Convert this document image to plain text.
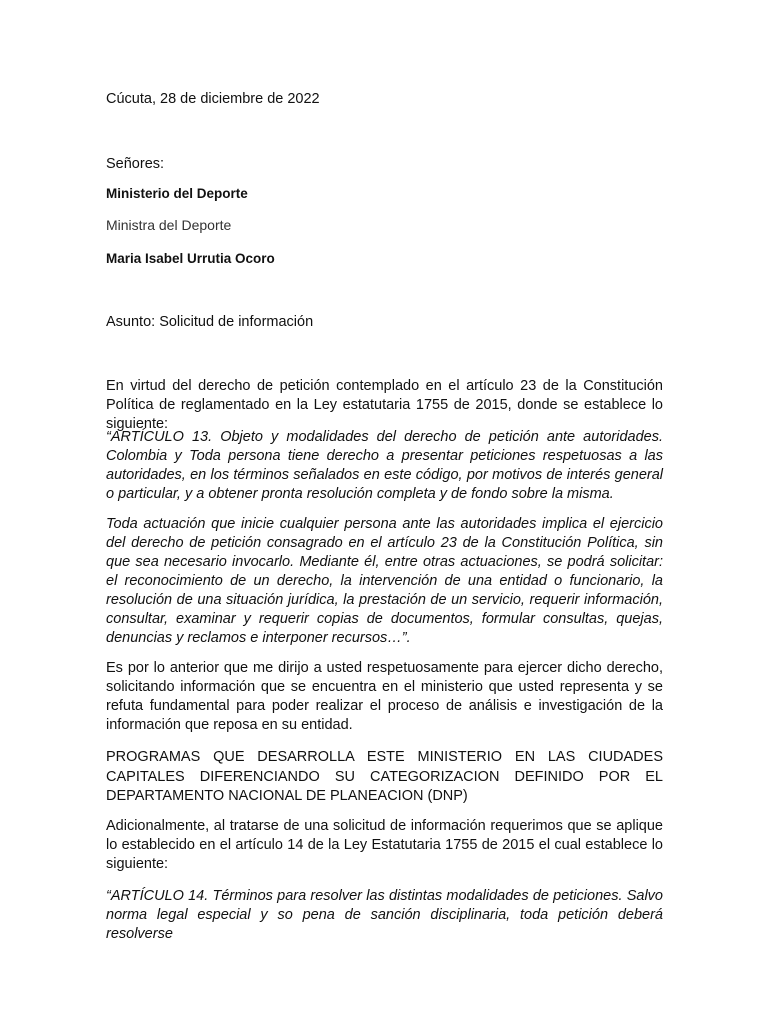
Cúcuta, 28 de diciembre de 2022
Señores:
Ministerio del Deporte
Ministra del Deporte
Maria Isabel Urrutia Ocoro
Asunto: Solicitud de información

En virtud del derecho de petición contemplado en el artículo 23 de la Constitución Política de reglamentado en la Ley estatutaria 1755 de 2015, donde se establece lo siguiente:

“ARTÍCULO 13. Objeto y modalidades del derecho de petición ante autoridades. Colombia y Toda persona tiene derecho a presentar peticiones respetuosas a las autoridades, en los términos señalados en este código, por motivos de interés general o particular, y a obtener pronta resolución completa y de fondo sobre la misma.

Toda actuación que inicie cualquier persona ante las autoridades implica el ejercicio del derecho de petición consagrado en el artículo 23 de la Constitución Política, sin que sea necesario invocarlo. Mediante él, entre otras actuaciones, se podrá solicitar: el reconocimiento de un derecho, la intervención de una entidad o funcionario, la resolución de una situación jurídica, la prestación de un servicio, requerir información, consultar, examinar y requerir copias de documentos, formular consultas, quejas, denuncias y reclamos e interponer recursos…”.

Es por lo anterior que me dirijo a usted respetuosamente para ejercer dicho derecho, solicitando información que se encuentra en el ministerio que usted representa y se refuta fundamental para poder realizar el proceso de análisis e investigación de la información que reposa en su entidad.

PROGRAMAS QUE DESARROLLA ESTE MINISTERIO EN LAS CIUDADES CAPITALES DIFERENCIANDO SU CATEGORIZACION DEFINIDO POR EL DEPARTAMENTO NACIONAL DE PLANEACION (DNP)

Adicionalmente, al tratarse de una solicitud de información requerimos que se aplique lo establecido en el artículo 14 de la Ley Estatutaria 1755 de 2015 el cual establece lo siguiente:

“ARTÍCULO 14. Términos para resolver las distintas modalidades de peticiones. Salvo norma legal especial y so pena de sanción disciplinaria, toda petición deberá resolverse
